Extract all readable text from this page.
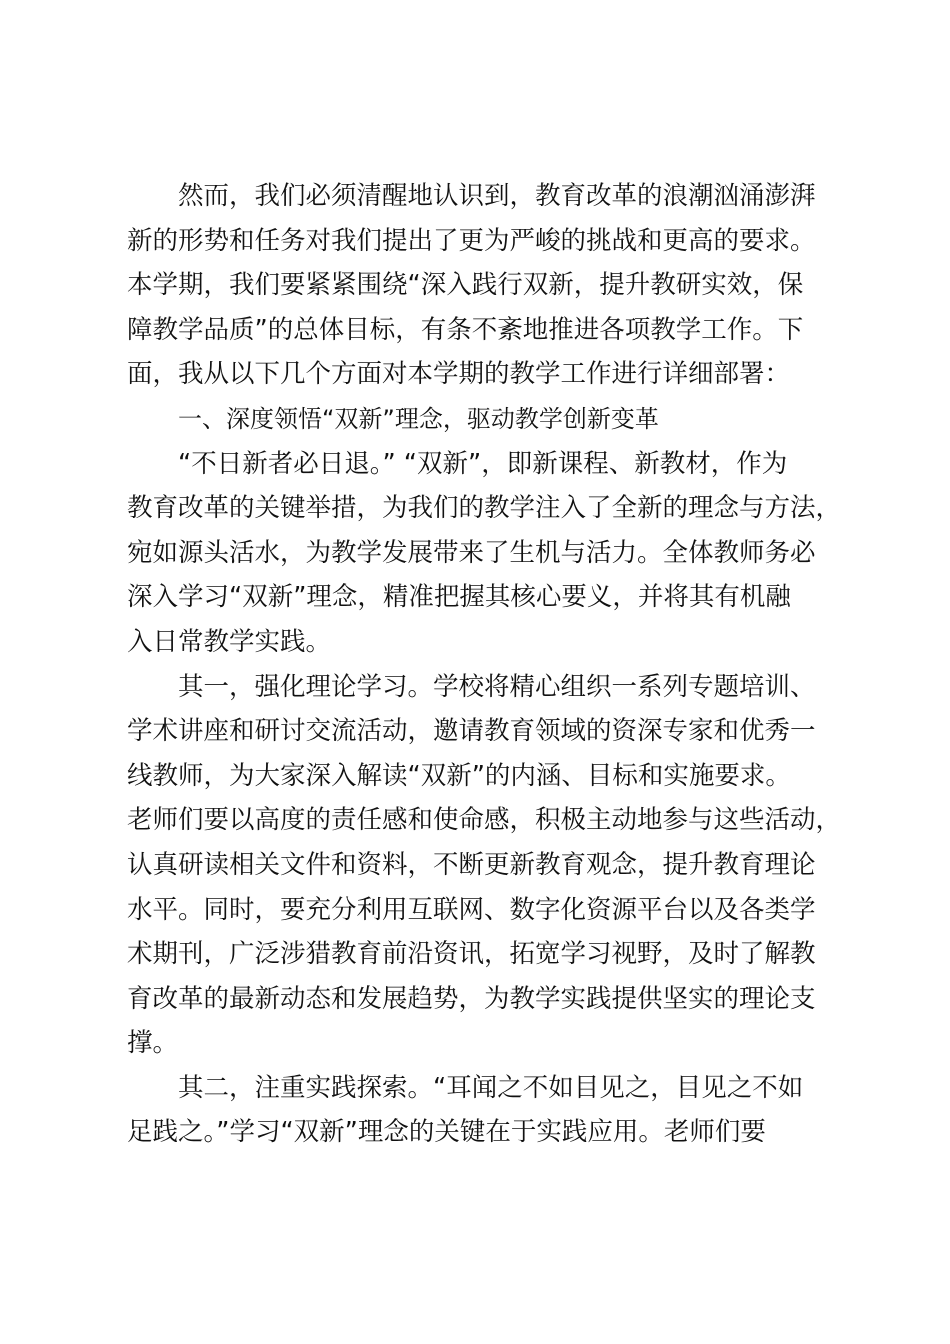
然而，我们必须清醒地认识到，教育改革的浪潮汹涌澎湃
新的形势和任务对我们提出了更为严峻的挑战和更高的要求。
本学期，我们要紧紧围绕“深入践行双新，提升教研实效，保
障教学品质”的总体目标，有条不紊地推进各项教学工作。下
面，我从以下几个方面对本学期的教学工作进行详细部署：
一、深度领悟“双新”理念，驱动教学创新变革
“不日新者必日退。” “双新”，即新课程、新教材，作为
教育改革的关键举措，为我们的教学注入了全新的理念与方法，
宛如源头活水，为教学发展带来了生机与活力。全体教师务必
深入学习“双新”理念，精准把握其核心要义，并将其有机融
入日常教学实践。
其一，强化理论学习。学校将精心组织一系列专题培训、
学术讲座和研讨交流活动，邀请教育领域的资深专家和优秀一
线教师，为大家深入解读“双新”的内涵、目标和实施要求。
老师们要以高度的责任感和使命感，积极主动地参与这些活动，
认真研读相关文件和资料，不断更新教育观念，提升教育理论
水平。同时，要充分利用互联网、数字化资源平台以及各类学
术期刊，广泛涉猎教育前沿资讯，拓宽学习视野，及时了解教
育改革的最新动态和发展趋势，为教学实践提供坚实的理论支
撑。
其二，注重实践探索。“耳闻之不如目见之，目见之不如
足践之。”学习“双新”理念的关键在于实践应用。老师们要
